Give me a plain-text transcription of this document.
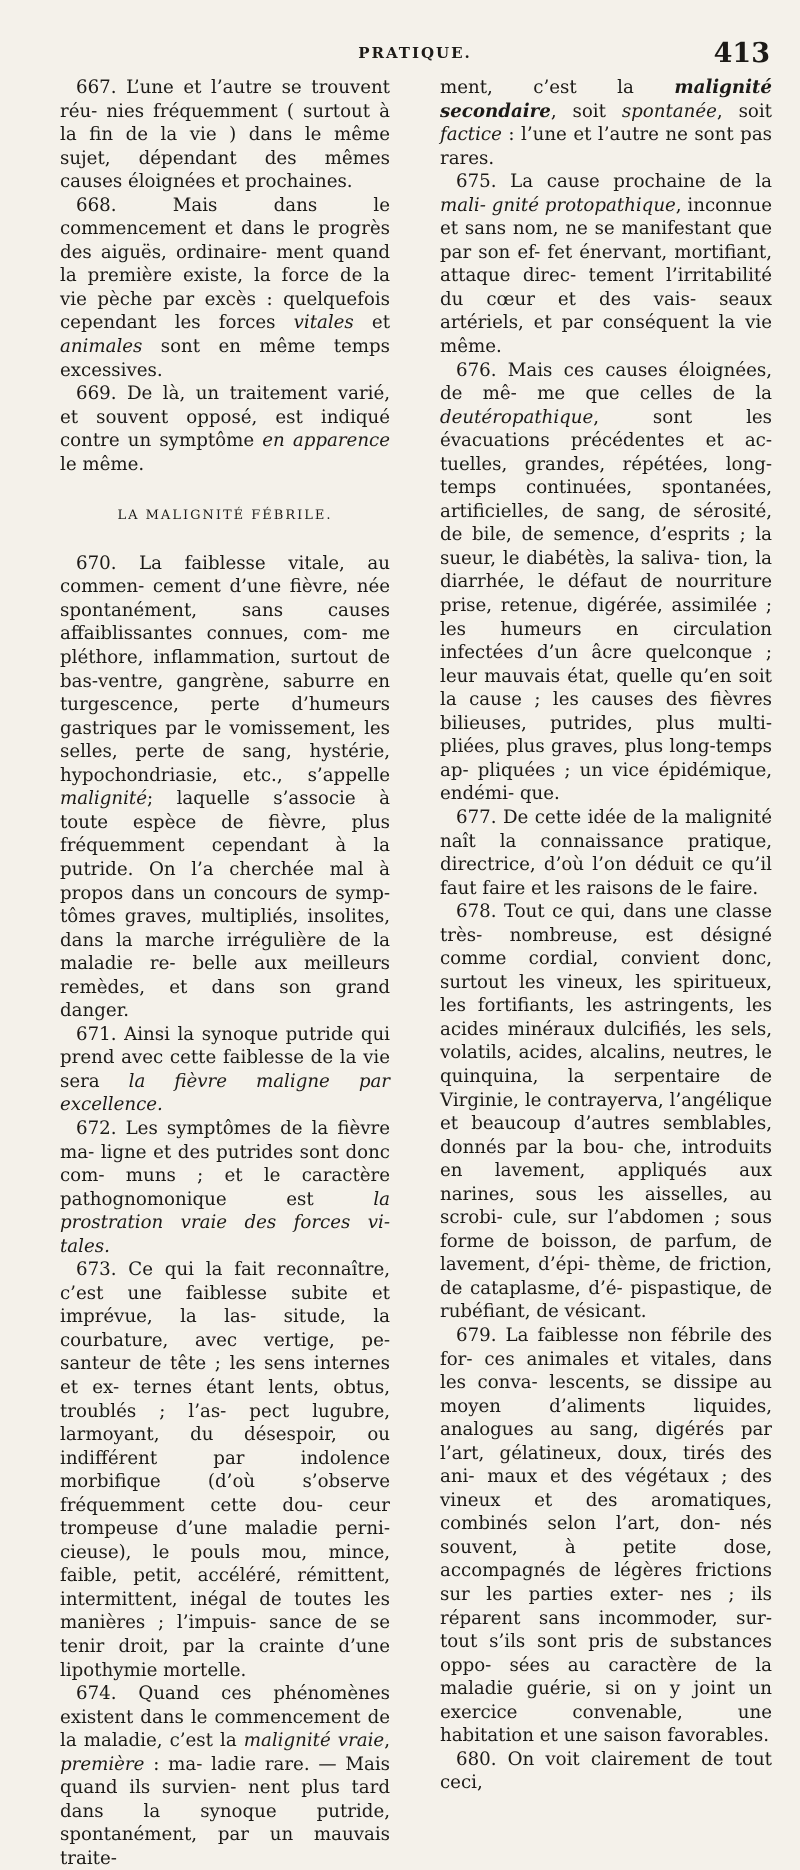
PRATIQUE.	413

667. L’une et l’autre se trouvent réu- nies fréquemment ( surtout à la fin de la vie ) dans le même sujet, dépendant des mêmes causes éloignées et prochaines.

668. Mais dans le commencement et dans le progrès des aiguës, ordinaire- ment quand la première existe, la force de la vie pèche par excès : quelquefois cependant les forces vitales et animales sont en même temps excessives.

669. De là, un traitement varié, et souvent opposé, est indiqué contre un symptôme en apparence le même.

LA MALIGNITÉ FÉBRILE.

670. La faiblesse vitale, au commen- cement d’une fièvre, née spontanément, sans causes affaiblissantes connues, com- me pléthore, inflammation, surtout de bas-ventre, gangrène, saburre en turgescence, perte d’humeurs gastriques par le vomissement, les selles, perte de sang, hystérie, hypochondriasie, etc., s’appelle malignité; laquelle s’associe à toute espèce de fièvre, plus fréquemment cependant à la putride. On l’a cherchée mal à propos dans un concours de symp- tômes graves, multipliés, insolites, dans la marche irrégulière de la maladie re- belle aux meilleurs remèdes, et dans son grand danger.

671. Ainsi la synoque putride qui prend avec cette faiblesse de la vie sera la fièvre maligne par excellence.

672. Les symptômes de la fièvre ma- ligne et des putrides sont donc com- muns ; et le caractère pathognomonique est la prostration vraie des forces vi- tales.

673. Ce qui la fait reconnaître, c’est une faiblesse subite et imprévue, la las- situde, la courbature, avec vertige, pe- santeur de tête ; les sens internes et ex- ternes étant lents, obtus, troublés ; l’as- pect lugubre, larmoyant, du désespoir, ou indifférent par indolence morbifique (d’où s’observe fréquemment cette dou- ceur trompeuse d’une maladie perni- cieuse), le pouls mou, mince, faible, petit, accéléré, rémittent, intermittent, inégal de toutes les manières ; l’impuis- sance de se tenir droit, par la crainte d’une lipothymie mortelle.

674. Quand ces phénomènes existent dans le commencement de la maladie, c’est la malignité vraie, première : ma- ladie rare. — Mais quand ils survien- nent plus tard dans la synoque putride, spontanément, par un mauvais traite-

ment, c’est la malignité secondaire, soit spontanée, soit factice : l’une et l’autre ne sont pas rares.

675. La cause prochaine de la mali- gnité protopathique, inconnue et sans nom, ne se manifestant que par son ef- fet énervant, mortifiant, attaque direc- tement l’irritabilité du cœur et des vais- seaux artériels, et par conséquent la vie même.

676. Mais ces causes éloignées, de mê- me que celles de la deutéropathique, sont les évacuations précédentes et ac- tuelles, grandes, répétées, long-temps continuées, spontanées, artificielles, de sang, de sérosité, de bile, de semence, d’esprits ; la sueur, le diabétès, la saliva- tion, la diarrhée, le défaut de nourriture prise, retenue, digérée, assimilée ; les humeurs en circulation infectées d’un âcre quelconque ; leur mauvais état, quelle qu’en soit la cause ; les causes des fièvres bilieuses, putrides, plus multi- pliées, plus graves, plus long-temps ap- pliquées ; un vice épidémique, endémi- que.

677. De cette idée de la malignité naît la connaissance pratique, directrice, d’où l’on déduit ce qu’il faut faire et les raisons de le faire.

678. Tout ce qui, dans une classe très- nombreuse, est désigné comme cordial, convient donc, surtout les vineux, les spiritueux, les fortifiants, les astringents, les acides minéraux dulcifiés, les sels, volatils, acides, alcalins, neutres, le quinquina, la serpentaire de Virginie, le contrayerva, l’angélique et beaucoup d’autres semblables, donnés par la bou- che, introduits en lavement, appliqués aux narines, sous les aisselles, au scrobi- cule, sur l’abdomen ; sous forme de boisson, de parfum, de lavement, d’épi- thème, de friction, de cataplasme, d’é- pispastique, de rubéfiant, de vésicant.

679. La faiblesse non fébrile des for- ces animales et vitales, dans les conva- lescents, se dissipe au moyen d’aliments liquides, analogues au sang, digérés par l’art, gélatineux, doux, tirés des ani- maux et des végétaux ; des vineux et des aromatiques, combinés selon l’art, don- nés souvent, à petite dose, accompagnés de légères frictions sur les parties exter- nes ; ils réparent sans incommoder, sur- tout s’ils sont pris de substances oppo- sées au caractère de la maladie guérie, si on y joint un exercice convenable, une habitation et une saison favorables.

680. On voit clairement de tout ceci,
